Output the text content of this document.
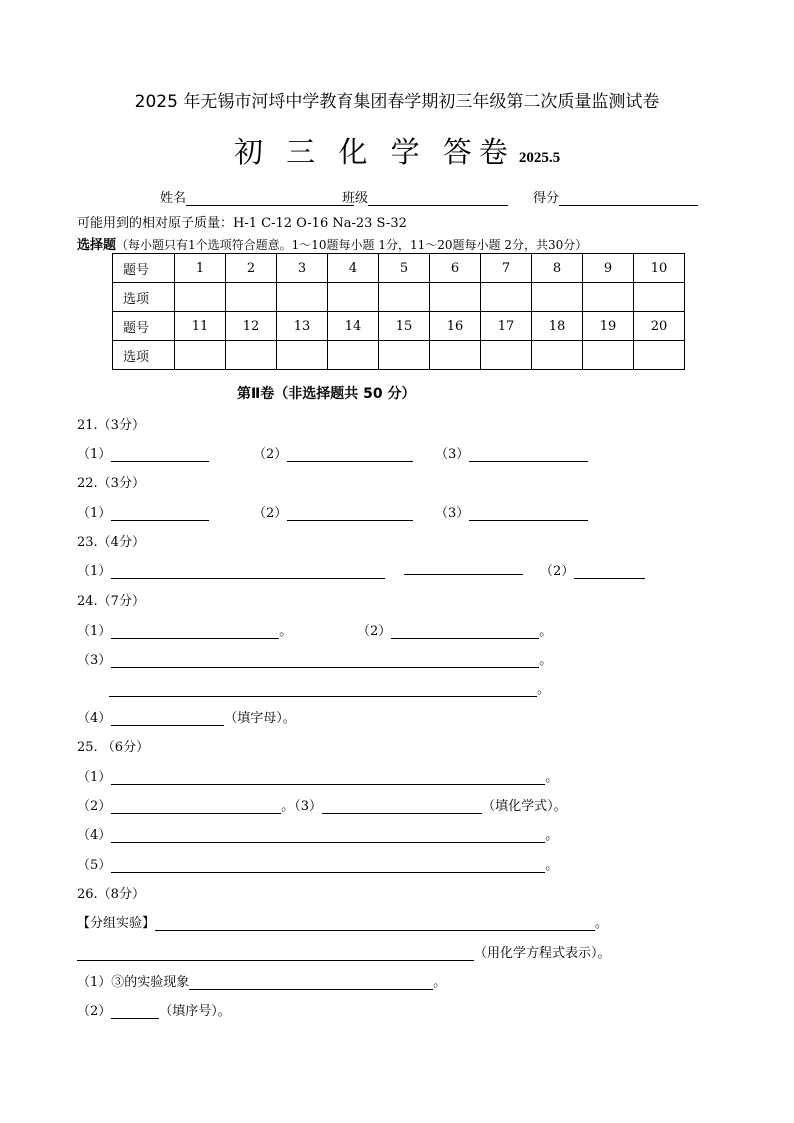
2025 年无锡市河埒中学教育集团春学期初三年级第二次质量监测试卷
初 三 化 学 答卷 2025.5
姓名	班级	得分
可能用到的相对原子质量：H-1 C-12 O-16 Na-23 S-32
选择题（每小题只有1个选项符合题意。1～10题每小题 1分，11～20题每小题 2分，共30分）
题号	1	2	3	4	5	6	7	8	9	10
选项										
题号	11	12	13	14	15	16	17	18	19	20
选项										
第Ⅱ卷（非选择题共 50 分）
21.（3分）
（1）	（2）	（3）
22.（3分）
（1）	（2）	（3）
23.（4分）
（1）	（2）
24.（7分）
（1）	。	（2）	。
（3）	。
。
（4）	（填字母）。
25. （6分）
（1）	。
（2）	。（3）	（填化学式）。
（4）	。
（5）	。
26.（8分）
【分组实验】	。
（用化学方程式表示）。
（1）③的实验现象	。
（2）	（填序号）。
